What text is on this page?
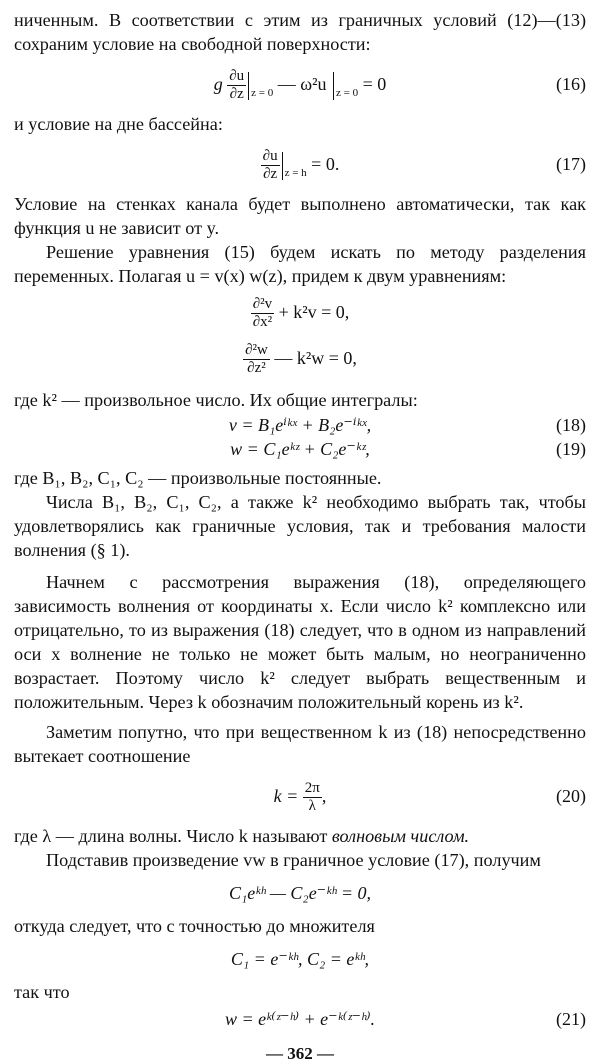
ниченным. В соответствии с этим из граничных условий (12)—(13) сохраним условие на свободной поверхности:

g $\frac{\partial u}{\partial z} _{z = 0}$ — ω²u $_{z = 0}$ = 0	(16)

и условие на дне бассейна:

$\frac{\partial u}{\partial z} _{z = h} = 0$.	(17)

Условие на стенках канала будет выполнено автоматически, так как функция u не зависит от y.

Решение уравнения (15) будем искать по методу разделения переменных. Полагая u = v(x) w(z), придем к двум уравнениям:

$\frac{\text{∂²v}}{\text{∂x²}} + k^2v = 0$,
$\frac{\text{∂²w}}{\text{∂z²}}$ — k²w = 0,

где k² — произвольное число. Их общие интегралы:

v = B₁eⁱᵏˣ + B₂e⁻ⁱᵏˣ,	(18)
w = C₁eᵏᶻ + C₂e⁻ᵏᶻ,	(19)

где B₁, B₂, C₁, C₂ — произвольные постоянные.

Числа B₁, B₂, C₁, C₂, а также k² необходимо выбрать так, чтобы удовлетворялись как граничные условия, так и требования малости волнения (§ 1).

Начнем с рассмотрения выражения (18), определяющего зависимость волнения от координаты x. Если число k² комплексно или отрицательно, то из выражения (18) следует, что в одном из направлений оси x волнение не только не может быть малым, но неограниченно возрастает. Поэтому число k² следует выбрать вещественным и положительным. Через k обозначим положительный корень из k².

Заметим попутно, что при вещественном k из (18) непосредственно вытекает соотношение

$k = \frac{2\pi}{\lambda}$ ,	(20)

где λ — длина волны. Число k называют волновым числом.

Подставив произведение vw в граничное условие (17), получим

C₁eᵏʰ — C₂e⁻ᵏʰ = 0,

откуда следует, что с точностью до множителя

C₁ = e⁻ᵏʰ, C₂ = eᵏʰ,

так что

w = eᵏ⁽ᶻ⁻ʰ⁾ + e⁻ᵏ⁽ᶻ⁻ʰ⁾.	(21)
— 362 —
